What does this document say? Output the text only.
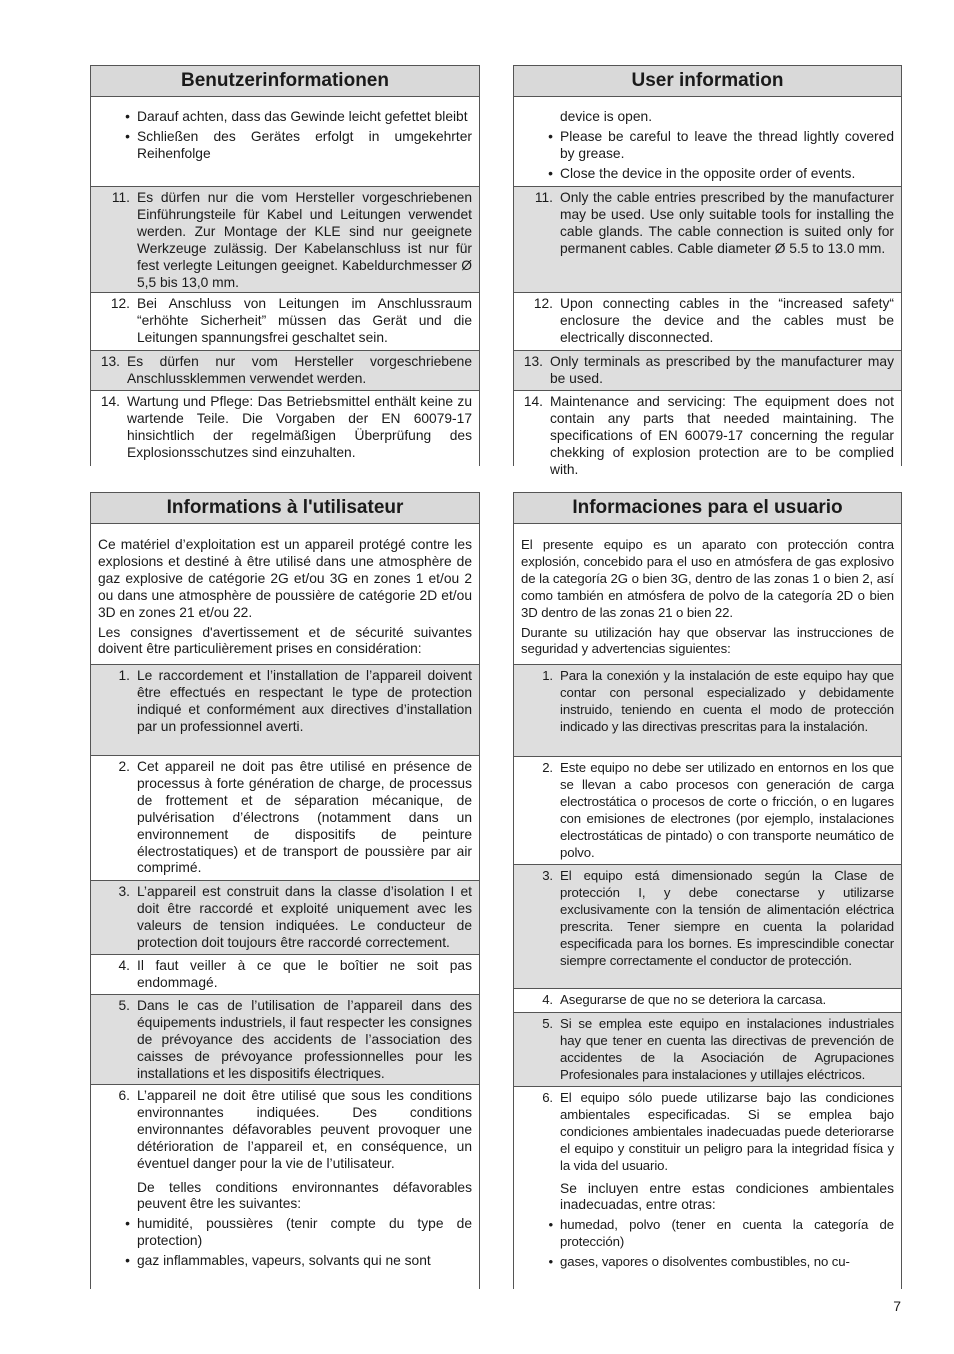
Benutzerinformationen
• Darauf achten, dass das Gewinde leicht gefettet bleibt
• Schließen des Gerätes erfolgt in umgekehrter Reihenfolge
11. Es dürfen nur die vom Hersteller vorgeschriebenen Einführungsteile für Kabel und Leitungen verwendet werden. Zur Montage der KLE sind nur geeignete Werkzeuge zulässig. Der Kabelanschluss ist nur für fest verlegte Leitungen geeignet. Kabeldurchmesser Ø 5,5 bis 13,0 mm.
12. Bei Anschluss von Leitungen im Anschlussraum “erhöhte Sicherheit” müssen das Gerät und die Leitungen spannungsfrei geschaltet sein.
13. Es dürfen nur vom Hersteller vorgeschriebene Anschlussklemmen verwendet werden.
14. Wartung und Pflege: Das Betriebsmittel enthält keine zu wartende Teile. Die Vorgaben der EN 60079-17 hinsichtlich der regelmäßigen Überprüfung des Explosionsschutzes sind einzuhalten.
User information
device is open.
• Please be careful to leave the thread lightly covered by grease.
• Close the device in the opposite order of events.
11. Only the cable entries prescribed by the manufacturer may be used. Use only suitable tools for installing the cable glands. The cable connection is suited only for permanent cables. Cable diameter Ø 5.5 to 13.0 mm.
12. Upon connecting cables in the “increased safety“ enclosure the device and the cables must be electrically disconnected.
13. Only terminals as prescribed by the manufacturer may be used.
14. Maintenance and servicing: The equipment does not contain any parts that needed maintaining. The specifications of EN 60079-17 concerning the regular chekking of explosion protection are to be complied with.
Informations à l'utilisateur

Ce matériel d’exploitation est un appareil protégé contre les explosions et destiné à être utilisé dans une atmosphère de gaz explosive de catégorie 2G et/ou 3G en zones 1 et/ou 2 ou dans une atmosphère de poussière de catégorie 2D et/ou 3D en zones 21 et/ou 22.

Les consignes d'avertissement et de sécurité suivantes doivent être particulièrement prises en considération:

1. Le raccordement et l’installation de l’appareil doivent être effectués en respectant le type de protection indiqué et conformément aux directives d’installation par un professionnel averti.
2. Cet appareil ne doit pas être utilisé en présence de processus à forte génération de charge, de processus de frottement et de séparation mécanique, de pulvérisation d’électrons (notamment dans un environnement de dispositifs de peinture électrostatiques) et de transport de poussière par air comprimé.
3. L’appareil est construit dans la classe d’isolation I et doit être raccordé et exploité uniquement avec les valeurs de tension indiquées. Le conducteur de protection doit toujours être raccordé correctement.
4. Il faut veiller à ce que le boîtier ne soit pas endommagé.
5. Dans le cas de l’utilisation de l’appareil dans des équipements industriels, il faut respecter les consignes de prévoyance des accidents de l’association des caisses de prévoyance professionnelles pour les installations et les dispositifs électriques.
6. L’appareil ne doit être utilisé que sous les conditions environnantes indiquées. Des conditions environnantes défavorables peuvent provoquer une détérioration de l’appareil et, en conséquence, un éventuel danger pour la vie de l’utilisateur.
De telles conditions environnantes défavorables peuvent être les suivantes:
• humidité, poussières (tenir compte du type de protection)
• gaz inflammables, vapeurs, solvants qui ne sont
Informaciones para el usuario

El presente equipo es un aparato con protección contra explosión, concebido para el uso en atmósfera de gas explosivo de la categoría 2G o bien 3G, dentro de las zonas 1 o bien 2, así como también en atmósfera de polvo de la categoría 2D o bien 3D dentro de las zonas 21 o bien 22.

Durante su utilización hay que observar las instrucciones de seguridad y advertencias siguientes:

1. Para la conexión y la instalación de este equipo hay que contar con personal especializado y debidamente instruido, teniendo en cuenta el modo de protección indicado y las directivas prescritas para la instalación.
2. Este equipo no debe ser utilizado en entornos en los que se llevan a cabo procesos con generación de carga electrostática o procesos de corte o fricción, o en lugares con emisiones de electrones (por ejemplo, instalaciones electrostáticas de pintado) o con transporte neumático de polvo.
3. El equipo está dimensionado según la Clase de protección I, y debe conectarse y utilizarse exclusivamente con la tensión de alimentación eléctrica prescrita. Tener siempre en cuenta la polaridad especificada para los bornes. Es imprescindible conectar siempre correctamente el conductor de protección.
4. Asegurarse de que no se deteriora la carcasa.
5. Si se emplea este equipo en instalaciones industriales hay que tener en cuenta las directivas de prevención de accidentes de la Asociación de Agrupaciones Profesionales para instalaciones y utillajes eléctricos.
6. El equipo sólo puede utilizarse bajo las condiciones ambientales especificadas. Si se emplea bajo condiciones ambientales inadecuadas puede deteriorarse el equipo y constituir un peligro para la integridad física y la vida del usuario.
Se incluyen entre estas condiciones ambientales inadecuadas, entre otras:
• humedad, polvo (tener en cuenta la categoría de protección)
• gases, vapores o disolventes combustibles, no cu-
7
